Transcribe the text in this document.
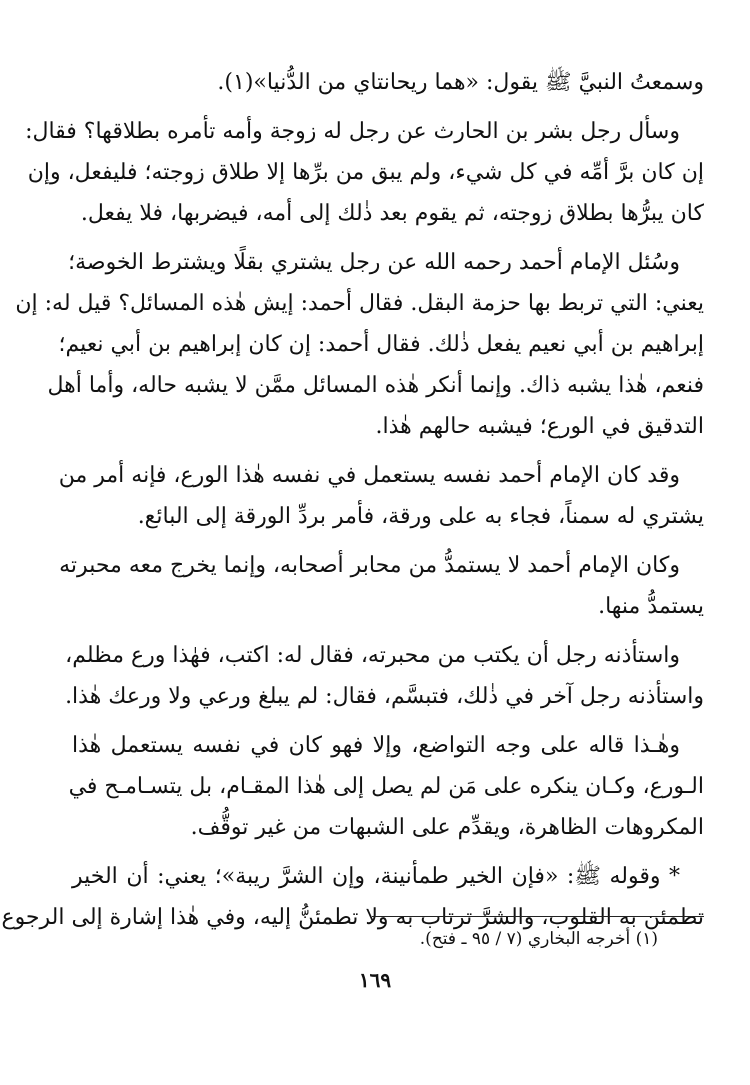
وسمعتُ النبيَّ ﷺ يقول: «هما ريحانتاي من الدُّنيا»(١).
وسأل رجل بشر بن الحارث عن رجل له زوجة وأمه تأمره بطلاقها؟ فقال:
إن كان برَّ أمِّه في كل شيء، ولم يبق من برِّها إلا طلاق زوجته؛ فليفعل، وإن
كان يبرُّها بطلاق زوجته، ثم يقوم بعد ذٰلك إلى أمه، فيضربها، فلا يفعل.
وسُئل الإمام أحمد رحمه الله عن رجل يشتري بقلًا ويشترط الخوصة؛
يعني: التي تربط بها حزمة البقل. فقال أحمد: إيش هٰذه المسائل؟ قيل له: إن
إبراهيم بن أبي نعيم يفعل ذٰلك. فقال أحمد: إن كان إبراهيم بن أبي نعيم؛
فنعم، هٰذا يشبه ذاك. وإنما أنكر هٰذه المسائل ممَّن لا يشبه حاله، وأما أهل
التدقيق في الورع؛ فيشبه حالهم هٰذا.
وقد كان الإمام أحمد نفسه يستعمل في نفسه هٰذا الورع، فإنه أمر من
يشتري له سمناً، فجاء به على ورقة، فأمر بردِّ الورقة إلى البائع.
وكان الإمام أحمد لا يستمدُّ من محابر أصحابه، وإنما يخرج معه محبرته
يستمدُّ منها.
واستأذنه رجل أن يكتب من محبرته، فقال له: اكتب، فهٰذا ورع مظلم،
واستأذنه رجل آخر في ذٰلك، فتبسَّم، فقال: لم يبلغ ورعي ولا ورعك هٰذا.
وهٰـذا قاله على وجه التواضع، وإلا فهو كان في نفسه يستعمل هٰذا
الـورع، وكـان ينكره على مَن لم يصل إلى هٰذا المقـام، بل يتسـامـح في
المكروهات الظاهرة، ويقدِّم على الشبهات من غير توقُّف.
* وقوله ﷺ: «فإن الخير طمأنينة، وإن الشرَّ ريبة»؛ يعني: أن الخير
تطمئن به القلوب، والشرَّ ترتاب به ولا تطمئنُّ إليه، وفي هٰذا إشارة إلى الرجوع
(١) أخرجه البخاري (٧ / ٩٥ ـ فتح).
١٦٩
